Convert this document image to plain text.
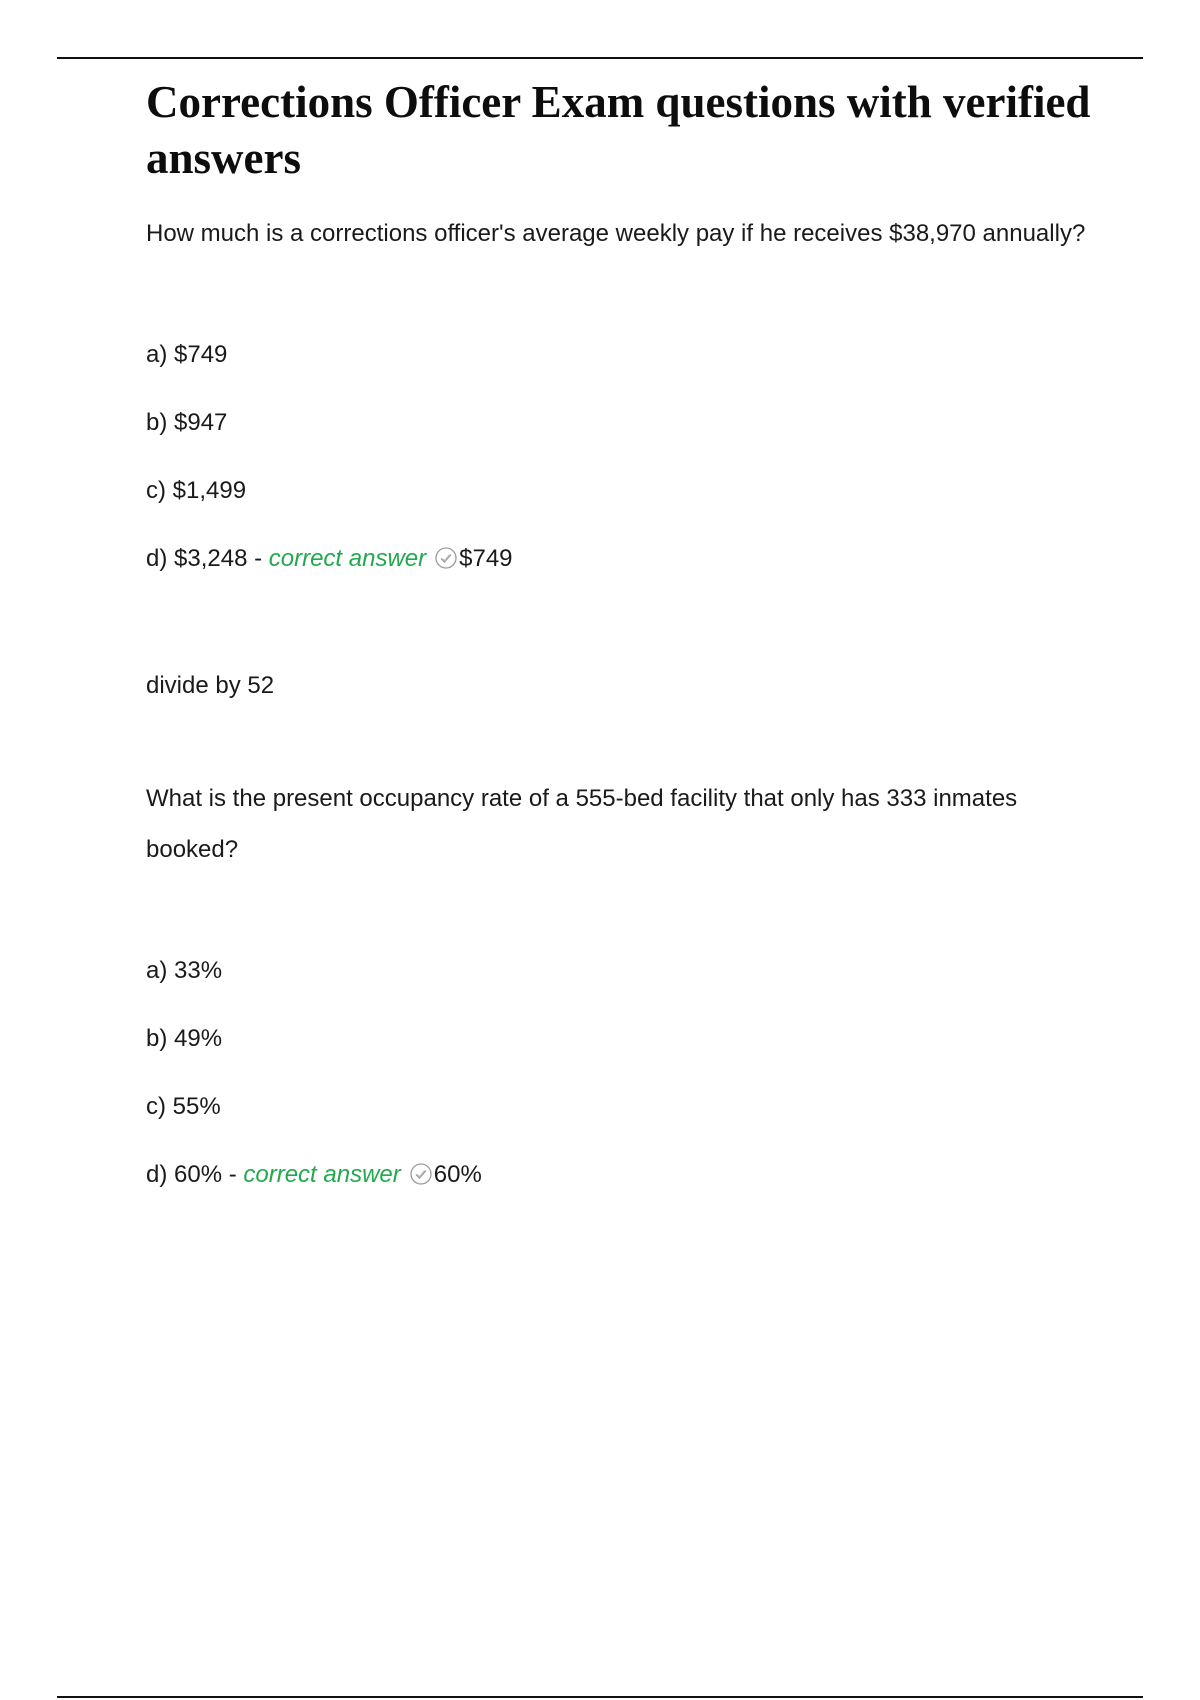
Corrections Officer Exam questions with verified answers

How much is a corrections officer's average weekly pay if he receives $38,970 annually?

a) $749
b) $947
c) $1,499
d) $3,248 - correct answer $749
divide by 52

What is the present occupancy rate of a 555-bed facility that only has 333 inmates booked?

a) 33%
b) 49%
c) 55%
d) 60% - correct answer 60%
